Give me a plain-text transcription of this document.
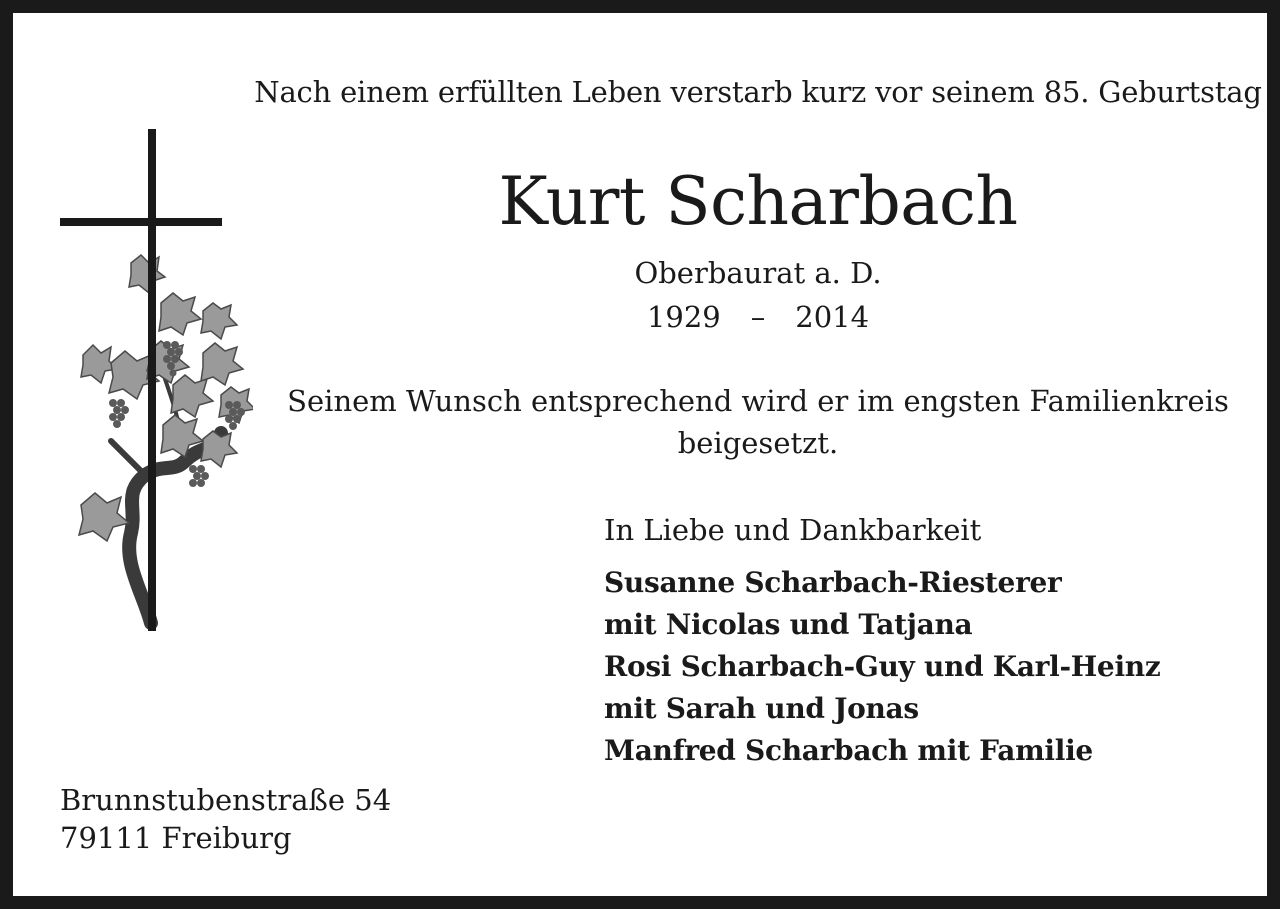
Nach einem erfüllten Leben verstarb kurz vor seinem 85. Geburtstag
Kurt Scharbach
Oberbaurat a. D.
1929 – 2014
Seinem Wunsch entsprechend wird er im engsten Familienkreis
beigesetzt.
In Liebe und Dankbarkeit
Susanne Scharbach-Riesterer
mit Nicolas und Tatjana
Rosi Scharbach-Guy und Karl-Heinz
mit Sarah und Jonas
Manfred Scharbach mit Familie
Brunnstubenstraße 54
79111 Freiburg
